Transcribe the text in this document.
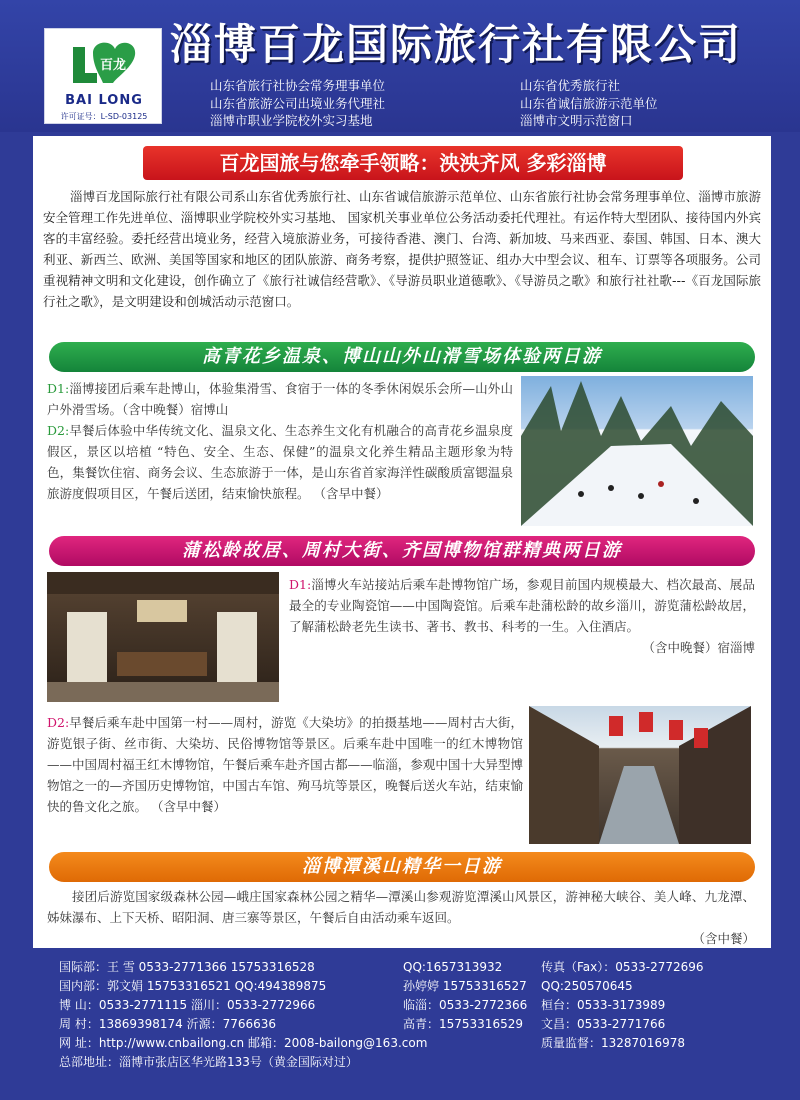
百龙
BAI LONG
许可证号：L-SD-03125
淄博百龙国际旅行社有限公司
山东省旅行社协会常务理事单位	山东省优秀旅行社
山东省旅游公司出境业务代理社	山东省诚信旅游示范单位
淄博市职业学院校外实习基地	淄博市文明示范窗口
百龙国旅与您牵手领略：泱泱齐风 多彩淄博
淄博百龙国际旅行社有限公司系山东省优秀旅行社、山东省诚信旅游示范单位、山东省旅行社协会常务理事单位、淄博市旅游安全管理工作先进单位、淄博职业学院校外实习基地、 国家机关事业单位公务活动委托代理社。有运作特大型团队、接待国内外宾客的丰富经验。委托经营出境业务，经营入境旅游业务，可接待香港、澳门、台湾、新加坡、马来西亚、泰国、韩国、日本、澳大利亚、新西兰、欧洲、美国等国家和地区的团队旅游、商务考察，提供护照签证、组办大中型会议、租车、订票等各项服务。公司重视精神文明和文化建设，创作确立了《旅行社诚信经营歌》、《导游员职业道德歌》、《导游员之歌》和旅行社社歌---《百龙国际旅行社之歌》，是文明建设和创城活动示范窗口。
高青花乡温泉、博山山外山滑雪场体验两日游
D1:淄博接团后乘车赴博山，体验集滑雪、食宿于一体的冬季休闲娱乐会所—山外山户外滑雪场。（含中晚餐）宿博山
D2:早餐后体验中华传统文化、温泉文化、生态养生文化有机融合的高青花乡温泉度假区，景区以培植 “特色、安全、生态、保健”的温泉文化养生精品主题形象为特色，集餐饮住宿、商务会议、生态旅游于一体，是山东省首家海洋性碳酸质富锶温泉旅游度假项目区，午餐后送团，结束愉快旅程。 （含早中餐）
蒲松龄故居、周村大街、齐国博物馆群精典两日游
D1:淄博火车站接站后乘车赴博物馆广场，参观目前国内规模最大、档次最高、展品最全的专业陶瓷馆——中国陶瓷馆。后乘车赴蒲松龄的故乡淄川，游览蒲松龄故居，了解蒲松龄老先生读书、著书、教书、科考的一生。入住酒店。
（含中晚餐）宿淄博
D2:早餐后乘车赴中国第一村——周村，游览《大染坊》的拍摄基地——周村古大街，游览银子街、丝市街、大染坊、民俗博物馆等景区。后乘车赴中国唯一的红木博物馆 ——中国周村福王红木博物馆，午餐后乘车赴齐国古都——临淄，参观中国十大异型博物馆之一的—齐国历史博物馆，中国古车馆、殉马坑等景区，晚餐后送火车站，结束愉快的鲁文化之旅。 （含早中餐）
淄博潭溪山精华一日游
接团后游览国家级森林公园—峨庄国家森林公园之精华—潭溪山参观游览潭溪山风景区，游神秘大峡谷、美人峰、九龙潭、姊妹瀑布、上下天桥、昭阳洞、唐三寨等景区，午餐后自由活动乘车返回。
（含中餐）
国际部：王 雪 0533-2771366 15753316528	QQ:1657313932	传真（Fax）：0533-2772696
国内部：郭文娟 15753316521 QQ:494389875	孙婷婷 15753316527 QQ:250570645
博 山：0533-2771115 淄川：0533-2772966	临淄：0533-2772366 桓台：0533-3173989
周 村：13869398174 沂源：7766636	高青：15753316529 文昌：0533-2771766
网 址：http://www.cnbailong.cn 邮箱：2008-bailong@163.com	质量监督：13287016978
总部地址：淄博市张店区华光路133号（黄金国际对过）
